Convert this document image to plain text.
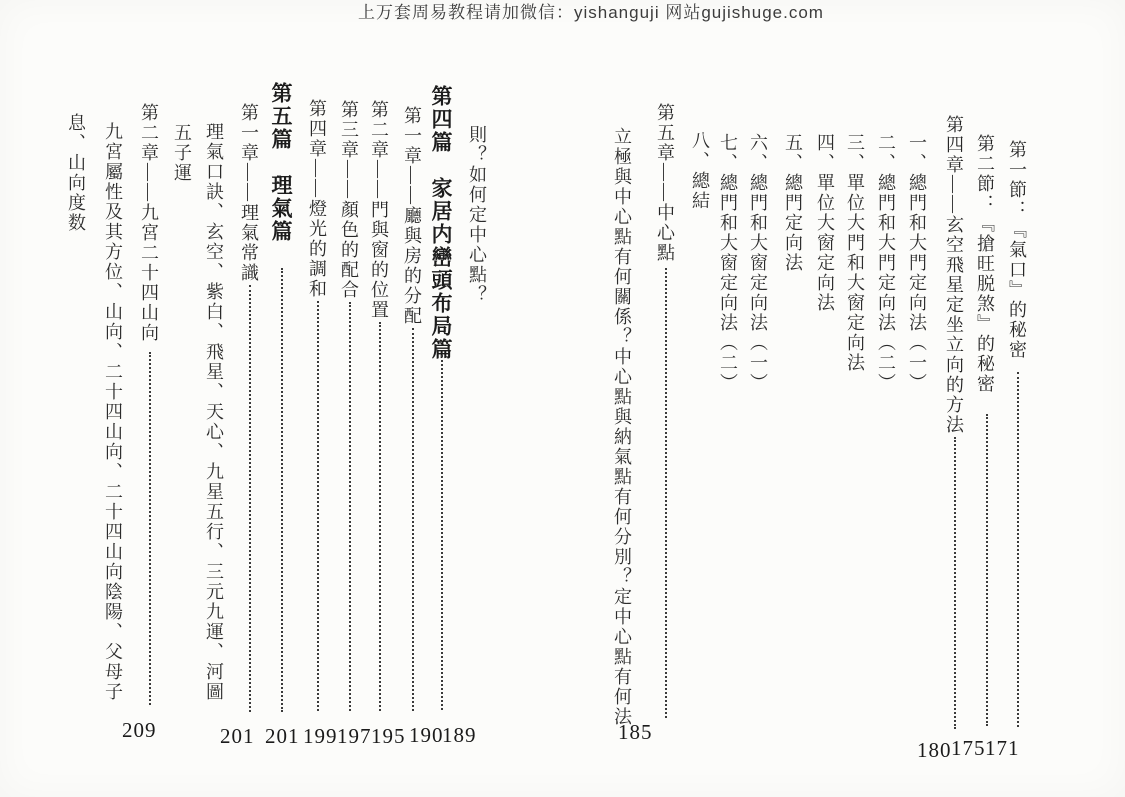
上万套周易教程请加微信：yishanguji 网站gujishuge.com
第一節：『氣口』的秘密
第二節：『搶旺脱煞』的秘密
第四章——玄空飛星定坐立向的方法
一、總門和大門定向法（一）
二、總門和大門定向法（二）
三、單位大門和大窗定向法
四、單位大窗定向法
五、總門定向法
六、總門和大窗定向法（一）
七、總門和大窗定向法（二）
八、總結
第五章——中心點
立極與中心點有何關係？中心點與納氣點有何分別？定中心點有何法
則？如何定中心點？
第四篇　家居内巒頭布局篇
第一章——廳與房的分配
第二章——門與窗的位置
第三章——顏色的配合
第四章——燈光的調和
第五篇　理氣篇
第一章——理氣常識
理氣口訣、玄空、紫白、飛星、天心、九星五行、三元九運、河圖
五子運
第二章——九宮二十四山向
九宮屬性及其方位、山向、二十四山向、二十四山向陰陽、父母子
息、山向度数
171
175
180
185
189
190
195
197
199
201
201
209
